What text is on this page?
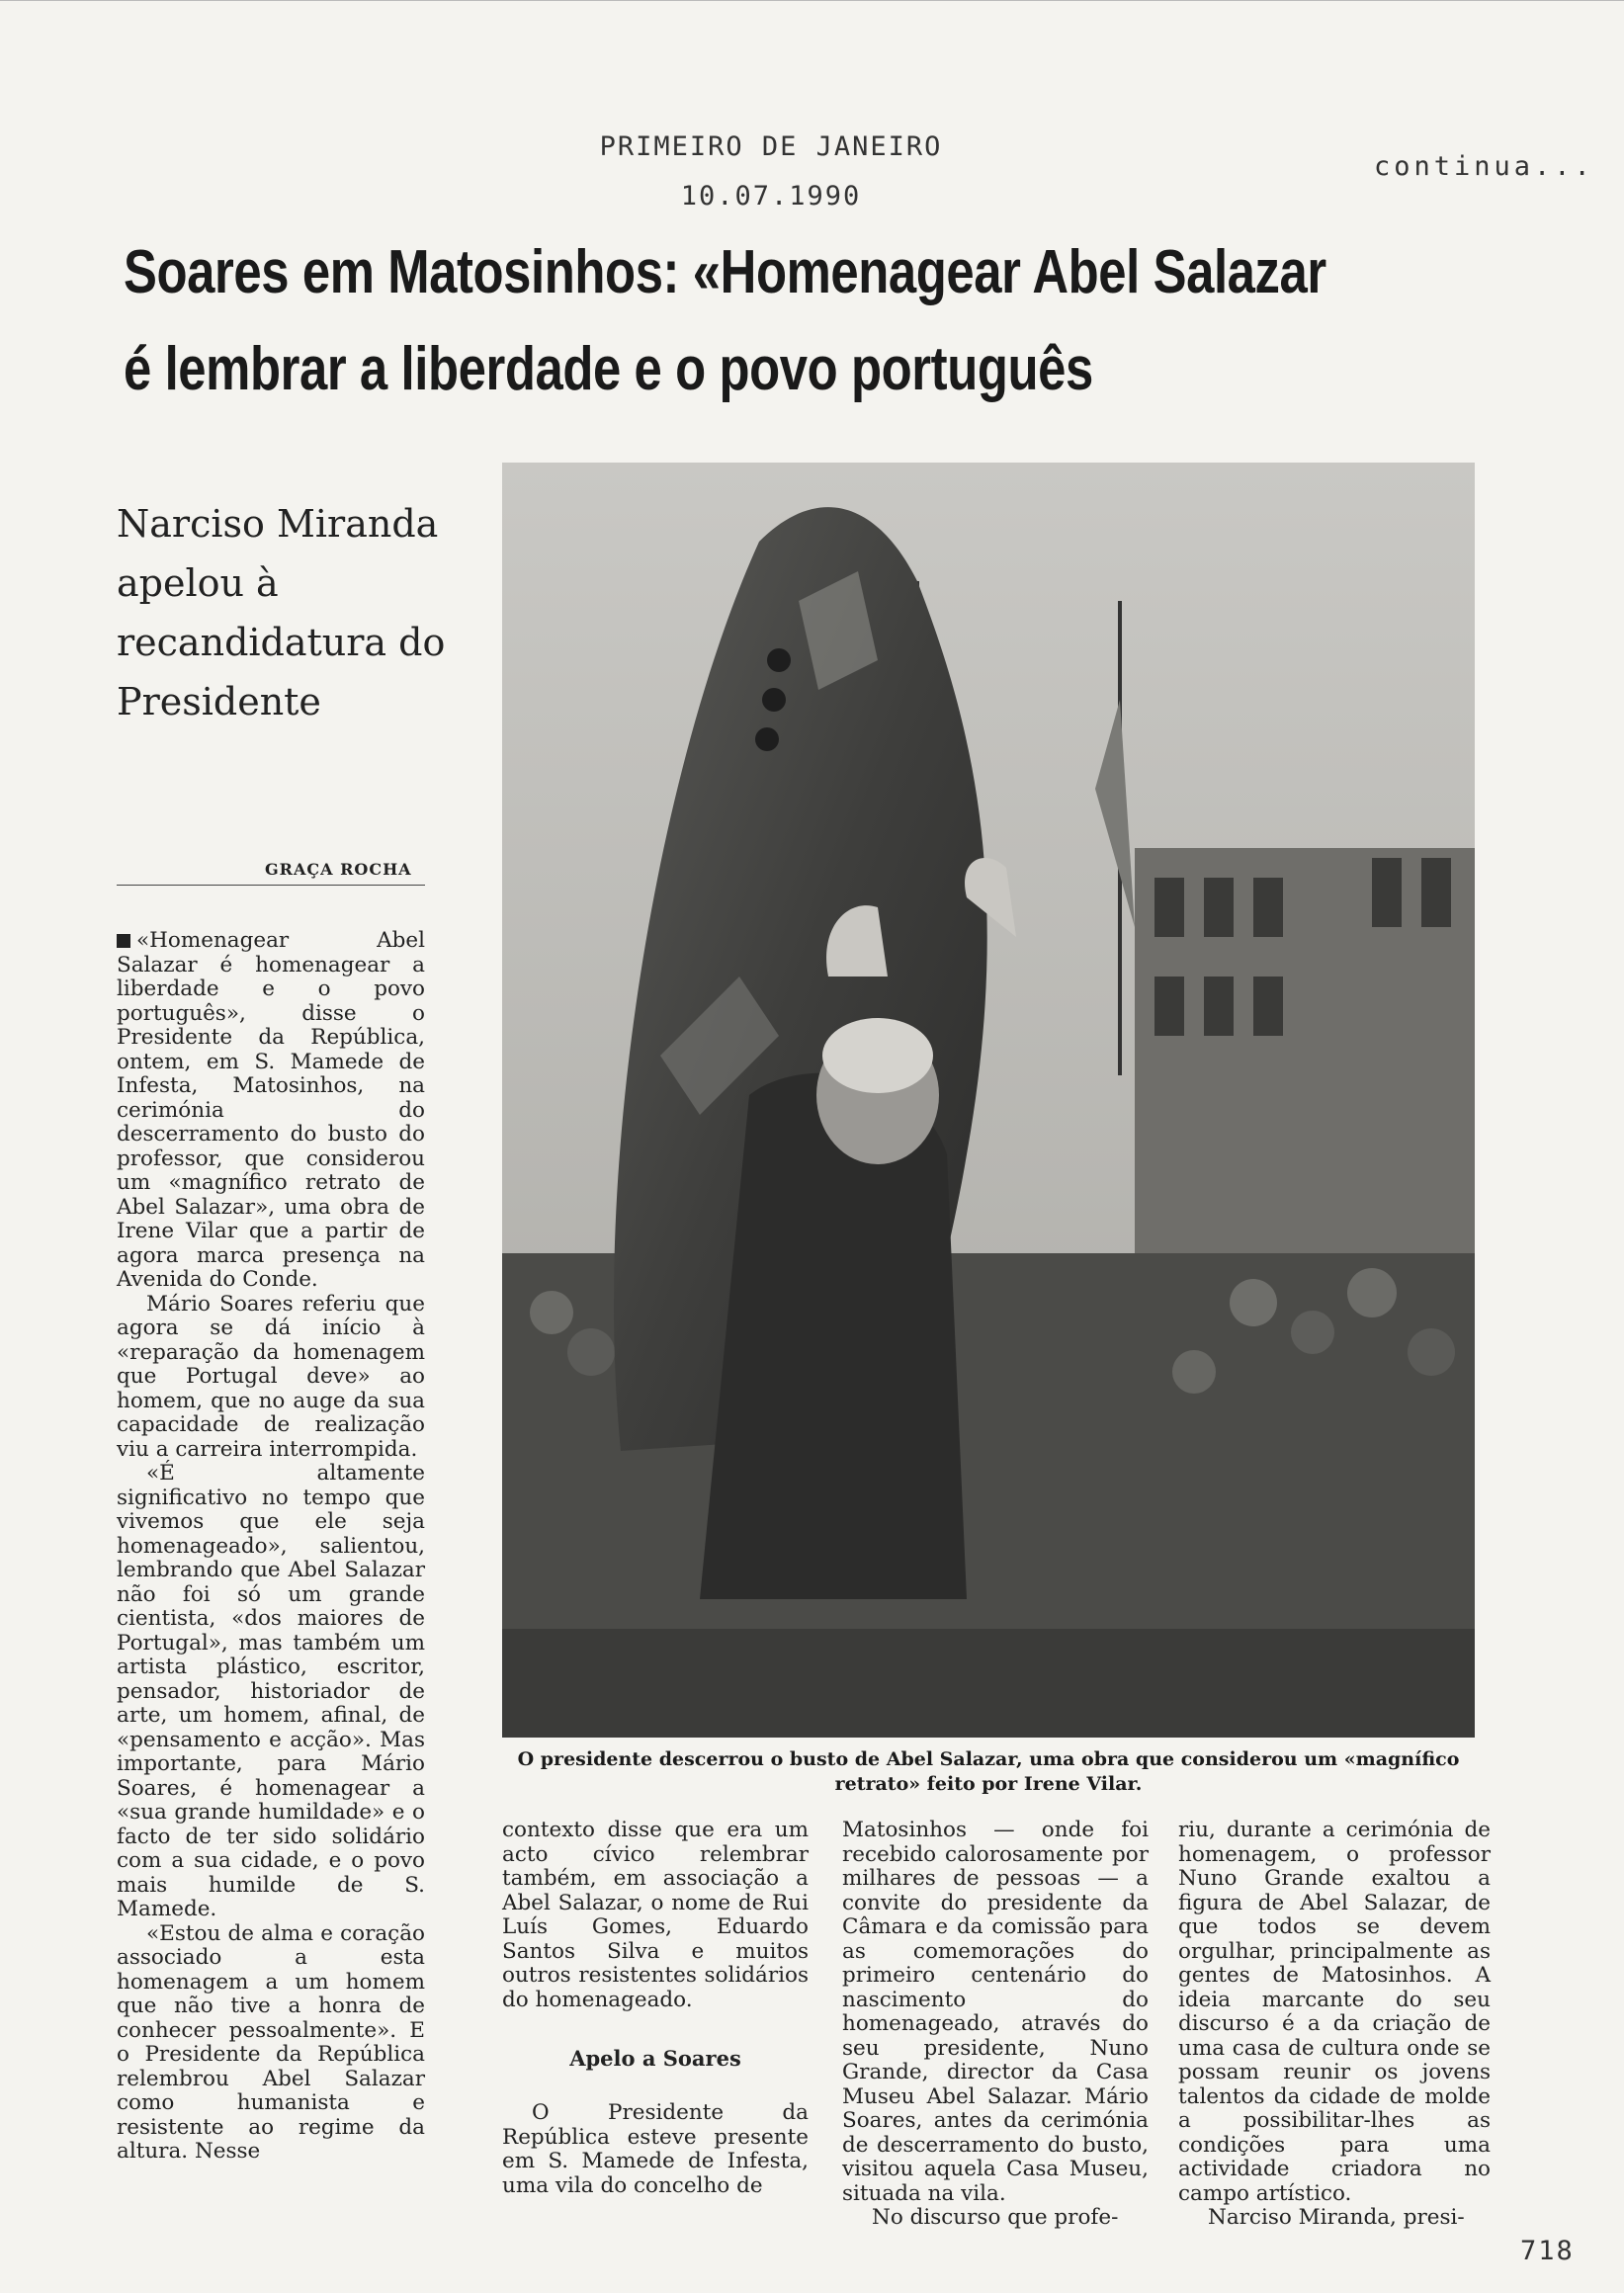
PRIMEIRO DE JANEIRO
10.07.1990
continua...
Soares em Matosinhos: «Homenagear Abel Salazar
é lembrar a liberdade e o povo português
Narciso Miranda apelou à recandidatura do Presidente
GRAÇA ROCHA

«Homenagear Abel Salazar é homenagear a liberdade e o povo português», disse o Presidente da República, ontem, em S. Mamede de Infesta, Matosinhos, na cerimónia do descerramento do busto do professor, que considerou um «magnífico retrato de Abel Salazar», uma obra de Irene Vilar que a partir de agora marca presença na Avenida do Conde.

Mário Soares referiu que agora se dá início à «reparação da homenagem que Portugal deve» ao homem, que no auge da sua capacidade de realização viu a carreira interrompida.

«É altamente significativo no tempo que vivemos que ele seja homenageado», salientou, lembrando que Abel Salazar não foi só um grande cientista, «dos maiores de Portugal», mas também um artista plástico, escritor, pensador, historiador de arte, um homem, afinal, de «pensamento e acção». Mas importante, para Mário Soares, é homenagear a «sua grande humildade» e o facto de ter sido solidário com a sua cidade, e o povo mais humilde de S. Mamede.

«Estou de alma e coração associado a esta homenagem a um homem que não tive a honra de conhecer pessoalmente». E o Presidente da República relembrou Abel Salazar como humanista e resistente ao regime da altura. Nesse

O presidente descerrou o busto de Abel Salazar, uma obra que considerou um «magnífico retrato» feito por Irene Vilar.

contexto disse que era um acto cívico relembrar também, em associação a Abel Salazar, o nome de Rui Luís Gomes, Eduardo Santos Silva e muitos outros resistentes solidários do homenageado.

Apelo a Soares

O Presidente da República esteve presente em S. Mamede de Infesta, uma vila do concelho de

Matosinhos — onde foi recebido calorosamente por milhares de pessoas — a convite do presidente da Câmara e da comissão para as comemorações do primeiro centenário do nascimento do homenageado, através do seu presidente, Nuno Grande, director da Casa Museu Abel Salazar. Mário Soares, antes da cerimónia de descerramento do busto, visitou aquela Casa Museu, situada na vila.

No discurso que profe-

riu, durante a cerimónia de homenagem, o professor Nuno Grande exaltou a figura de Abel Salazar, de que todos se devem orgulhar, principalmente as gentes de Matosinhos. A ideia marcante do seu discurso é a da criação de uma casa de cultura onde se possam reunir os jovens talentos da cidade de molde a possibilitar-lhes as condições para uma actividade criadora no campo artístico.

Narciso Miranda, presi-

718
